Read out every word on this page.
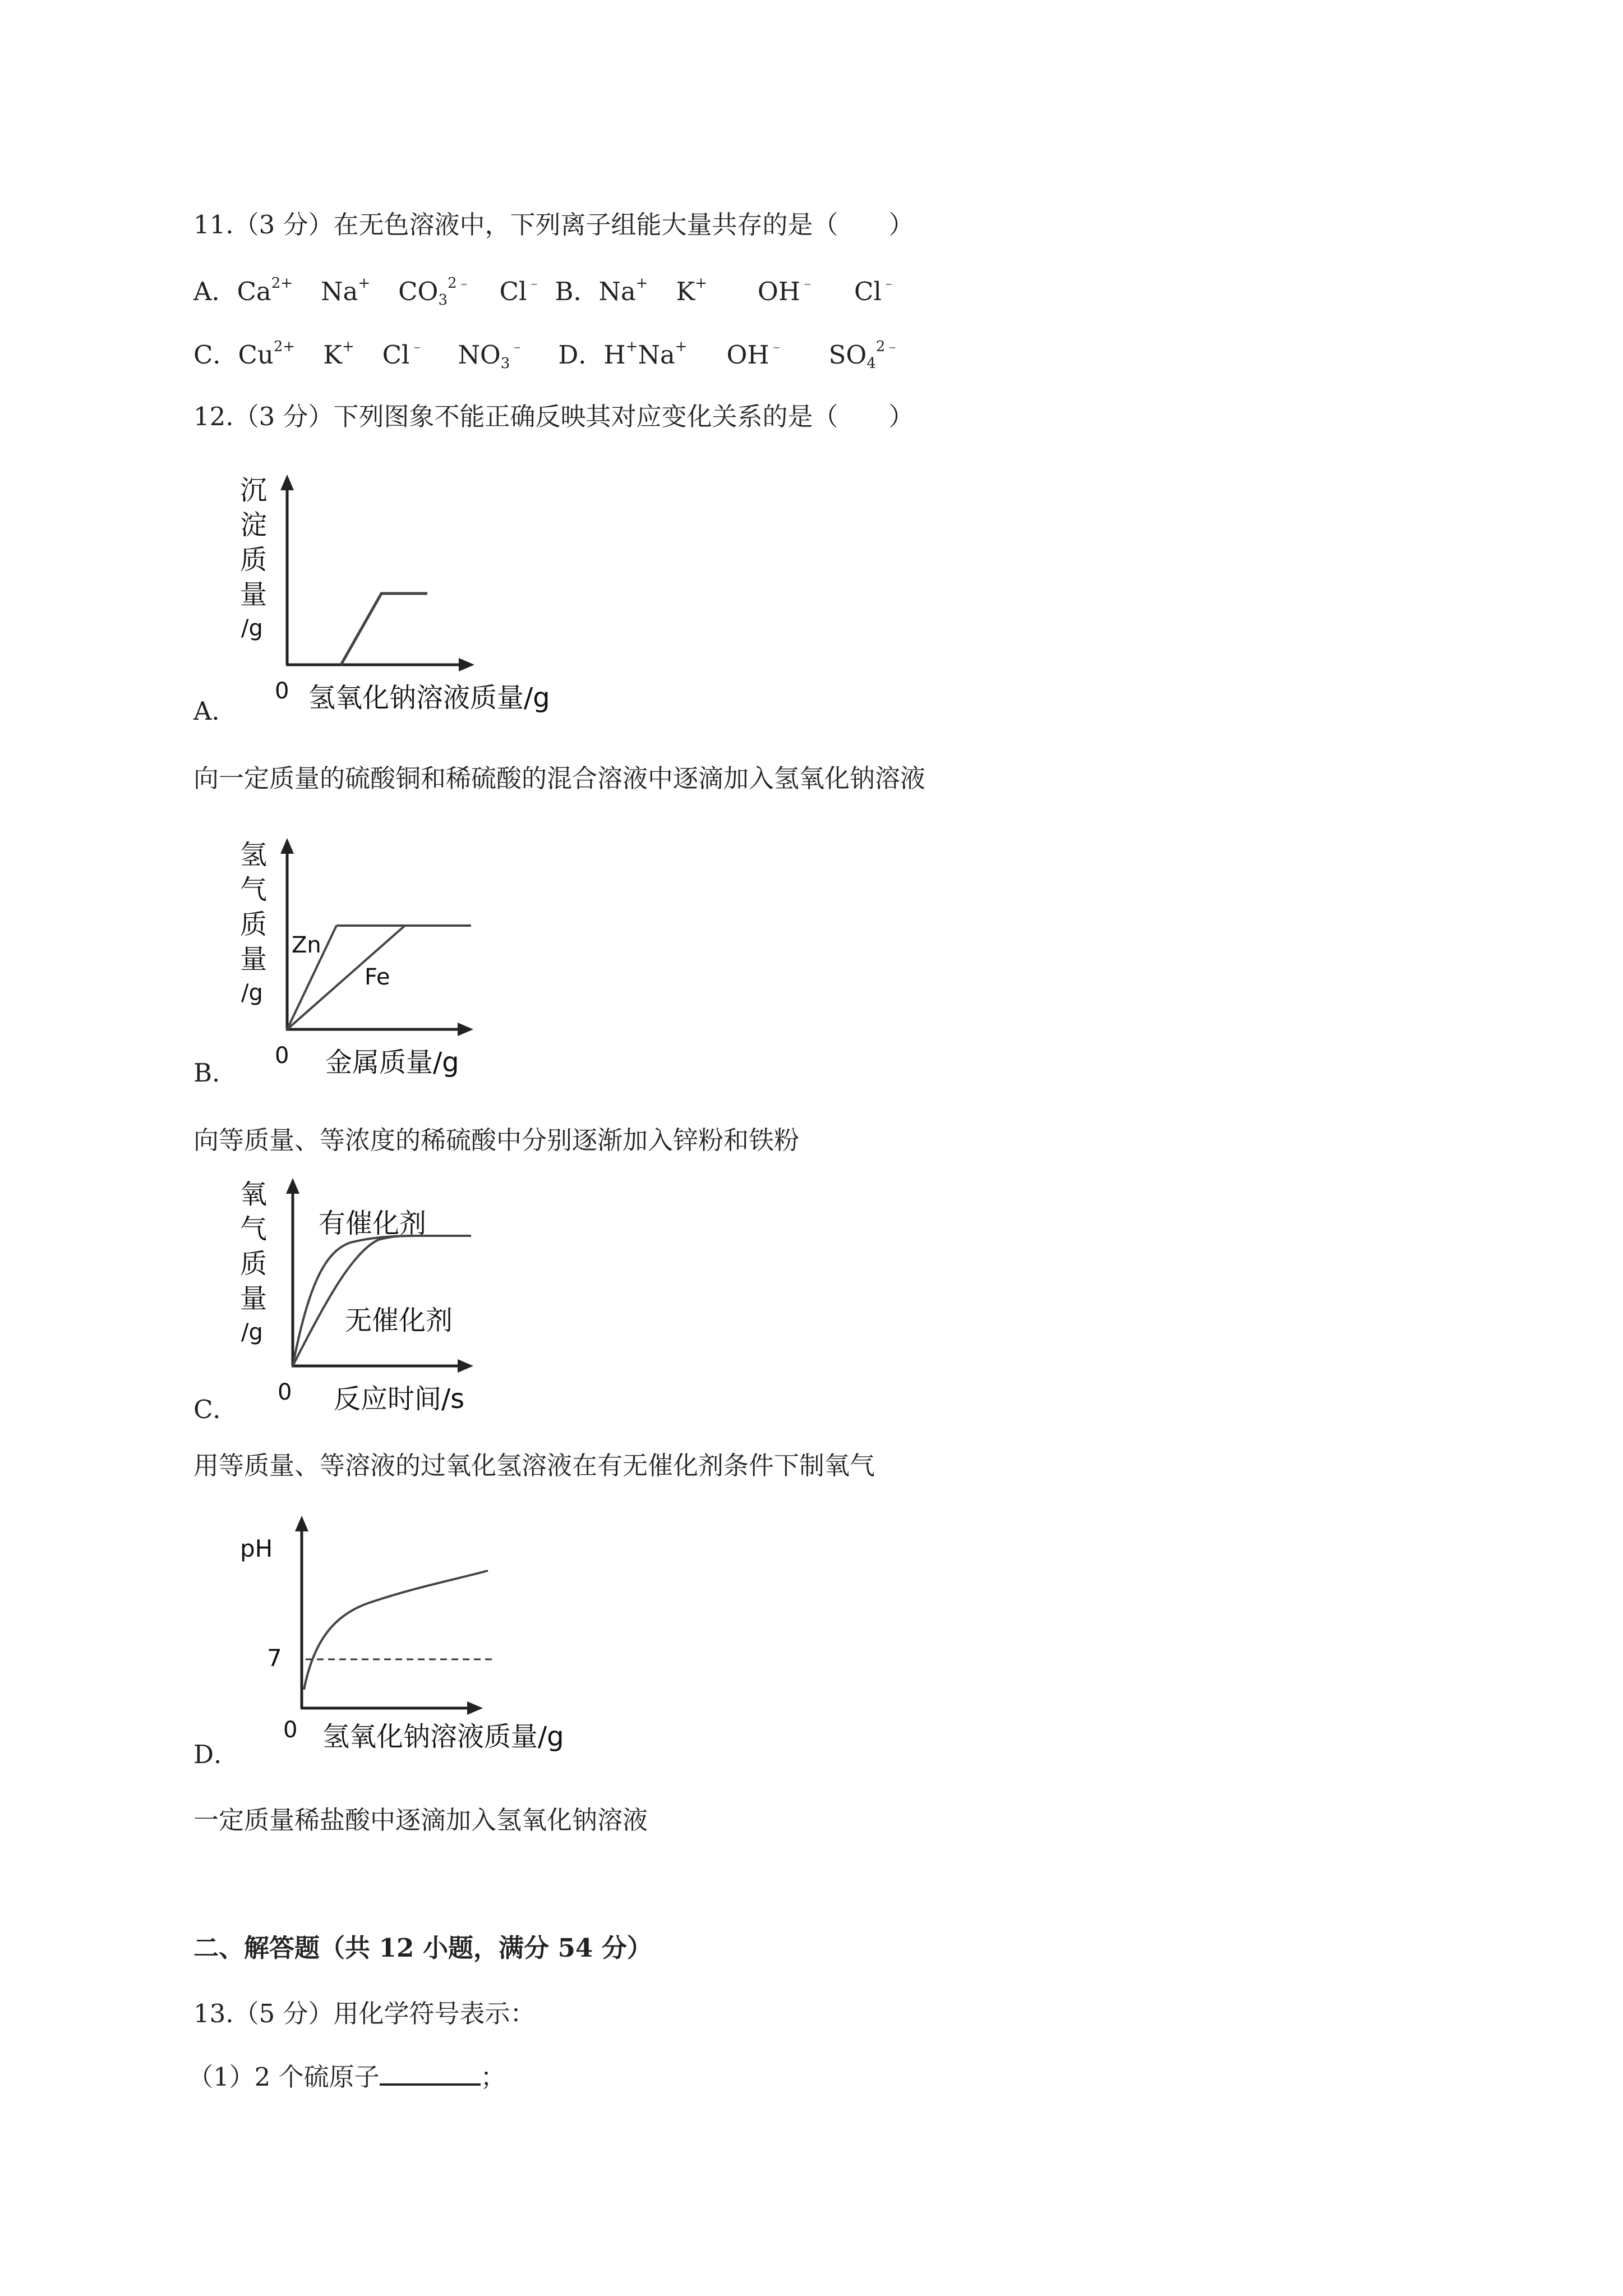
11.（3 分）在无色溶液中，下列离子组能大量共存的是（　　）
A．$Ca^{2+}$ Na+ $CO_3^{2﹣}$ Cl﹣ B．Na+ K+ OH﹣ Cl﹣
C．$Cu^{2+}$ K+ Cl﹣ $NO_3^﹣$ D．H+Na+ OH﹣ $SO_4^{2﹣}$
12.（3 分）下列图象不能正确反映其对应变化关系的是（　　）
沉
淀
质
量
/g
0 氢氧化钠溶液质量/g
A．
向一定质量的硫酸铜和稀硫酸的混合溶液中逐滴加入氢氧化钠溶液
氢
气
质
量
/g
0 金属质量/g
Zn
Fe
B．
向等质量、等浓度的稀硫酸中分别逐渐加入锌粉和铁粉
氧
气
质
量
/g
0 反应时间/s
有催化剂
无催化剂
C．
用等质量、等溶液的过氧化氢溶液在有无催化剂条件下制氧气
pH
7
0 氢氧化钠溶液质量/g
D．
一定质量稀盐酸中逐滴加入氢氧化钠溶液
二、解答题（共 12 小题，满分 54 分）
13.（5 分）用化学符号表示：
（1）2 个硫原子	；
